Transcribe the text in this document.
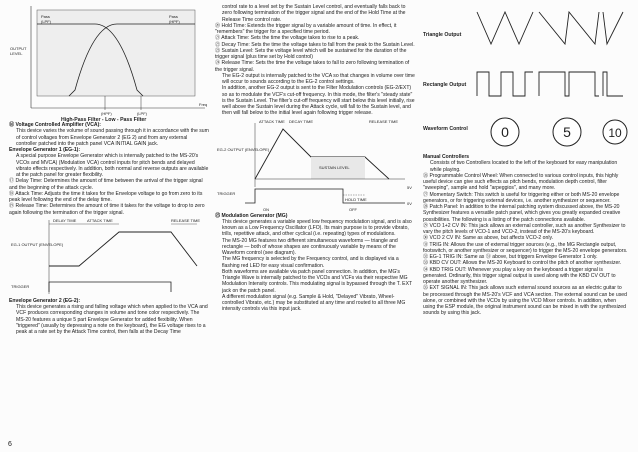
Pass
(LPF)
Pass
(HPF)
OUTPUT
LEVEL
Freq
(HPF)	(LPF)
High-Pass Filter - Low - Pass Filter

⑯ Voltage Controlled Amplifier (VCA):

This device varies the volume of sound passing through it in accordance with the sum of control voltages from Envelope Generator 2 (EG 2) and from any external controller patched into the patch panel VCA INITIAL GAIN jack.

Envelope Generator 1 (EG-1):

A special purpose Envelope Generator which is internally patched to the MS-20's VCOs and MVCA) (Modulation VCA) control inputs for pitch bends and delayed vibrato effects respectively. In addition, both normal and reverse outputs are available at the patch panel for greater flexibility.

⑰ Delay Time: Determines the amount of time between the arrival of the trigger signal and the beginning of the attack cycle.

⑱ Attack Time: Adjusts the time it takes for the Envelope voltage to go from zero to its peak level following the end of the delay time.

⑲ Release Time: Determines the amount of time it takes for the voltage to drop to zero again following the termination of the trigger signal.

DELAY TIME	ATTACK TIME	RELEASE TIME
EG-1 OUTPUT (ENVELOPE)
TRIGGER

Envelope Generator 2 (EG-2):

This device generates a rising and falling voltage which when applied to the VCA and VCF produces corresponding changes in volume and tone color respectively. The MS-20 features a unique 5 part Envelope Generator for added flexibility. When "triggered" (usually by depressing a note on the keyboard), the EG voltage rises to a peak at a rate set by the Attack Time control, then falls at the Decay Time

control rate to a level set by the Sustain Level control, and eventually falls back to zero following termination of the trigger signal and the end of the Hold Time at the Release Time control rate.

⑳ Hold Time: Extends the trigger signal by a variable amount of time. In effect, it "remembers" the trigger for a specified time period.

㉑ Attack Time: Sets the time the voltage takes to rise to a peak.

㉒ Decay Time: Sets the time the voltage takes to fall from the peak to the Sustain Level.

㉓ Sustain Level: Sets the voltage level which will be sustained for the duration of the trigger signal (plus time set by Hold control)

㉔ Release Time: Sets the time the voltage takes to fall to zero following termination of the trigger signal.

The EG-2 output is internally patched to the VCA so that changes in volume over time will occur to sounds according to the EG-2 control settings.

In addition, another EG-2 output is sent to the Filter Modulation controls (EG-2/EXT) so as to modulate the VCF's cut-off frequency. In this mode, the filter's "steady state" is the Sustain Level. The filter's cut-off frequency will start below this level initially, rise well above the Sustain level during the Attack cycle, will fall to the Sustain level, and then will fall below to the initial level again following trigger release.

ATTACK TIME DECAY TIME	RELEASE TIME
SUSTAIN LEVEL
EG-2 OUTPUT (ENVELOPE)
TRIGGER
HOLD TIME
ON	OFF
5V
0V

㉕ Modulation Generator (MG)

This device generates a variable speed low frequency modulation signal, and is also known as a Low Frequency Oscillator (LFO). Its main purpose is to provide vibrato, trills, repetitive attack, and other cyclical (i.e. repeating) types of modulations.

The MS-20 MG features two different simultaneous waveforms — triangle and rectangle — both of whose shapes are continuously variable by means of the Waveform control (see diagram).

The MG frequency is selected by the Frequency control, and is displayed via a flashing red LED for easy visual confirmation.

Both waveforms are available via patch panel connection. In addition, the MG's Triangle Wave is internally patched to the VCOs and VCFs via their respective MG Modulation Intensity controls. This modulating signal is bypassed through the T. EXT jack on the patch panel.

A different modulation signal (e.g. Sample & Hold, "Delayed" Vibrato, Wheel-controlled Vibrato, etc.) may be substituted at any time and routed to all three MG intensity controls via this input jack.

Triangle Output
Rectangle Output
Waveform Control 0	5	10

Manual Controllers

Consists of two Controllers located to the left of the keyboard for easy manipulation while playing.

㉖ Programmable Control Wheel: When connected to various control inputs, this highly useful device can give such effects as pitch bends, modulation depth control, filter "sweeping", sample and hold "arpeggios", and many more.

㉗ Momentary Switch: This switch is useful for triggering either or both MS-20 envelope generators, or for triggering external devices, i.e. another synthesizer or sequencer.

㉘ Patch Panel: In addition to the internal patching system discussed above, the MS-20 Synthesizer features a versatile patch panel, which gives you greatly expanded creative possibilities. The following is a listing of the patch connections available.

㉙ VCO 1+2 CV IN: This jack allows an external controller, such as another Synthesizer to vary the pitch levels of VCO-1 and VCO-2, instead of the MS-20's keyboard.

㉚ VCO 2 CV IN: Same as above, but affects VCO-2 only.

㉛ TRIG IN: Allows the use of external trigger sources (e.g., the MG Rectangle output, footswitch, or another synthesizer or sequencer) to trigger the MS-20 envelope generators.

㉜ EG-1 TRIG IN: Same as ㉛ above, but triggers Envelope Generator 1 only.

㉝ KBD CV OUT: Allows the MS-20 Keyboard to control the pitch of another synthesizer.

㉞ KBD TRIG OUT: Whenever you play a key on the keyboard a trigger signal is generated. Ordinarily, this trigger signal output is used along with the KBD CV OUT to operate another synthesizer.

㉟ EXT SIGNAL IN: This jack allows such external sound sources as an electric guitar to be processed through the MS-20's VCF and VCA section. The external sound can be used alone, or combined with the VCOs by using the VCO Mixer controls. In addition, when using the ESP module, the original instrument sound can be mixed in with the synthesized sounds by using this jack.

6
